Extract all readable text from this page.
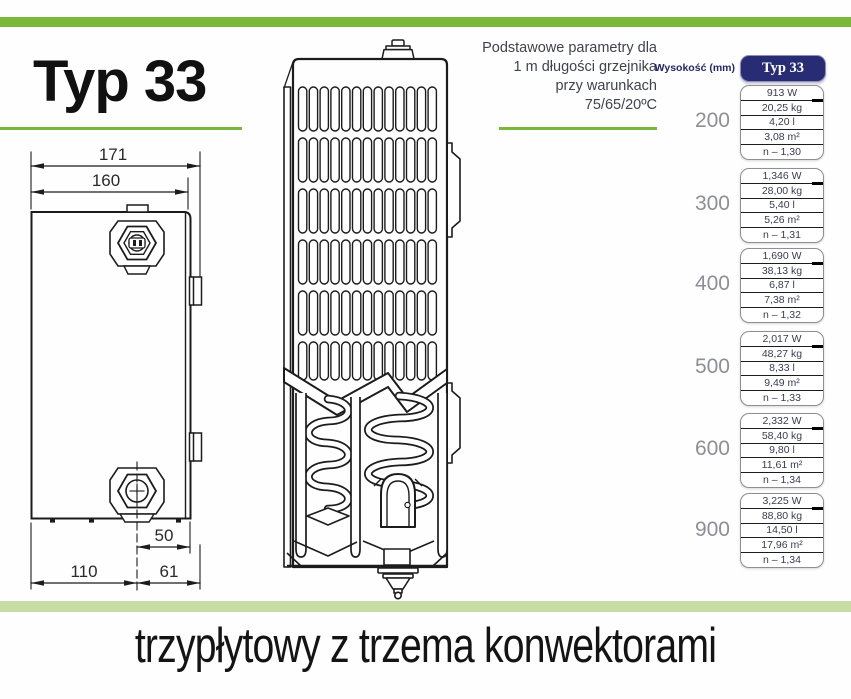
Typ 33
Podstawowe parametry dla
1 m długości grzejnika
przy warunkach
75/65/20ºC
171
160
50
110	61
Wysokość (mm)	Typ 33
200
913 W
20,25 kg
4,20 l
3,08 m²
n – 1,30
300
1,346 W
28,00 kg
5,40 l
5,26 m²
n – 1,31
400
1,690 W
38,13 kg
6,87 l
7,38 m²
n – 1,32
500
2,017 W
48,27 kg
8,33 l
9,49 m²
n – 1,33
600
2,332 W
58,40 kg
9,80 l
11,61 m²
n – 1,34
900
3,225 W
88,80 kg
14,50 l
17,96 m²
n – 1,34
trzypłytowy z trzema konwektorami
